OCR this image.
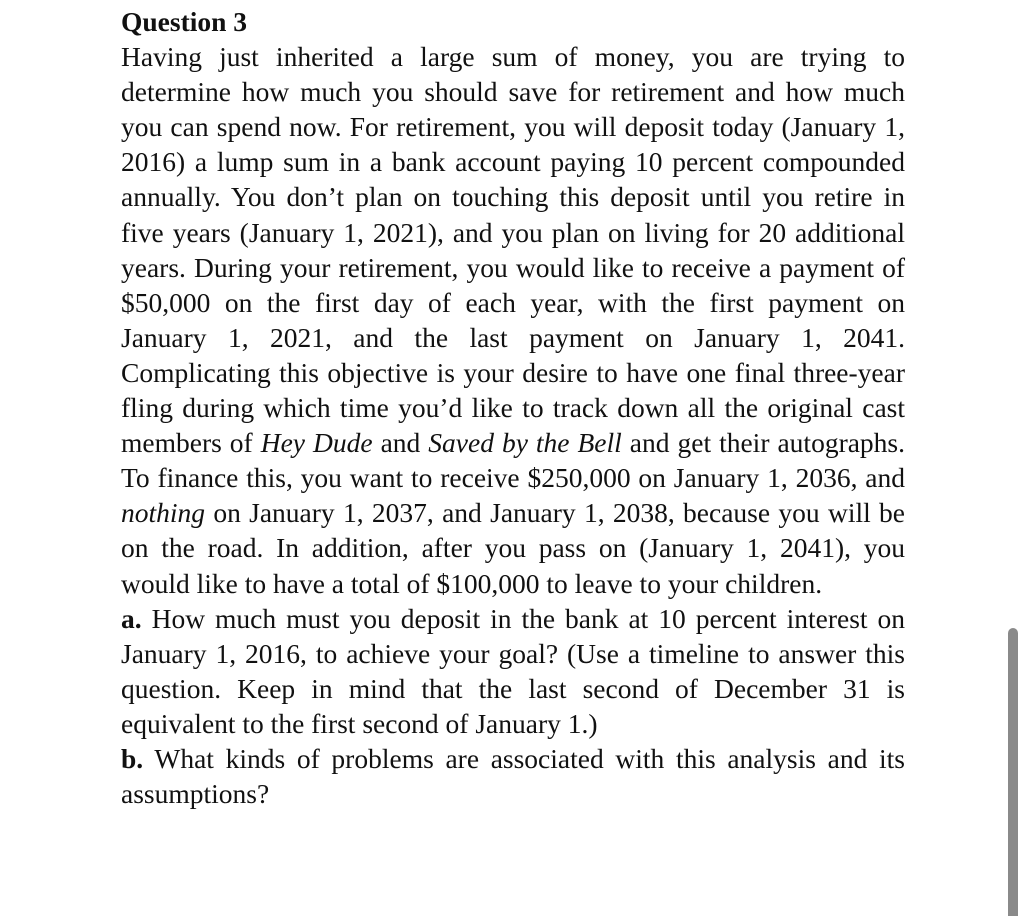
Question 3

Having just inherited a large sum of money, you are trying to determine how much you should save for retirement and how much you can spend now. For retirement, you will deposit today (January 1, 2016) a lump sum in a bank account paying 10 percent compounded annually. You don’t plan on touching this deposit until you retire in five years (January 1, 2021), and you plan on living for 20 additional years. During your retirement, you would like to receive a payment of $50,000 on the first day of each year, with the first payment on January 1, 2021, and the last payment on January 1, 2041. Complicating this objective is your desire to have one final three-year fling during which time you’d like to track down all the original cast members of Hey Dude and Saved by the Bell and get their autographs. To finance this, you want to receive $250,000 on January 1, 2036, and nothing on January 1, 2037, and January 1, 2038, because you will be on the road. In addition, after you pass on (January 1, 2041), you would like to have a total of $100,000 to leave to your children.

a. How much must you deposit in the bank at 10 percent interest on January 1, 2016, to achieve your goal? (Use a timeline to answer this question. Keep in mind that the last second of December 31 is equivalent to the first second of January 1.)

b. What kinds of problems are associated with this analysis and its assumptions?
